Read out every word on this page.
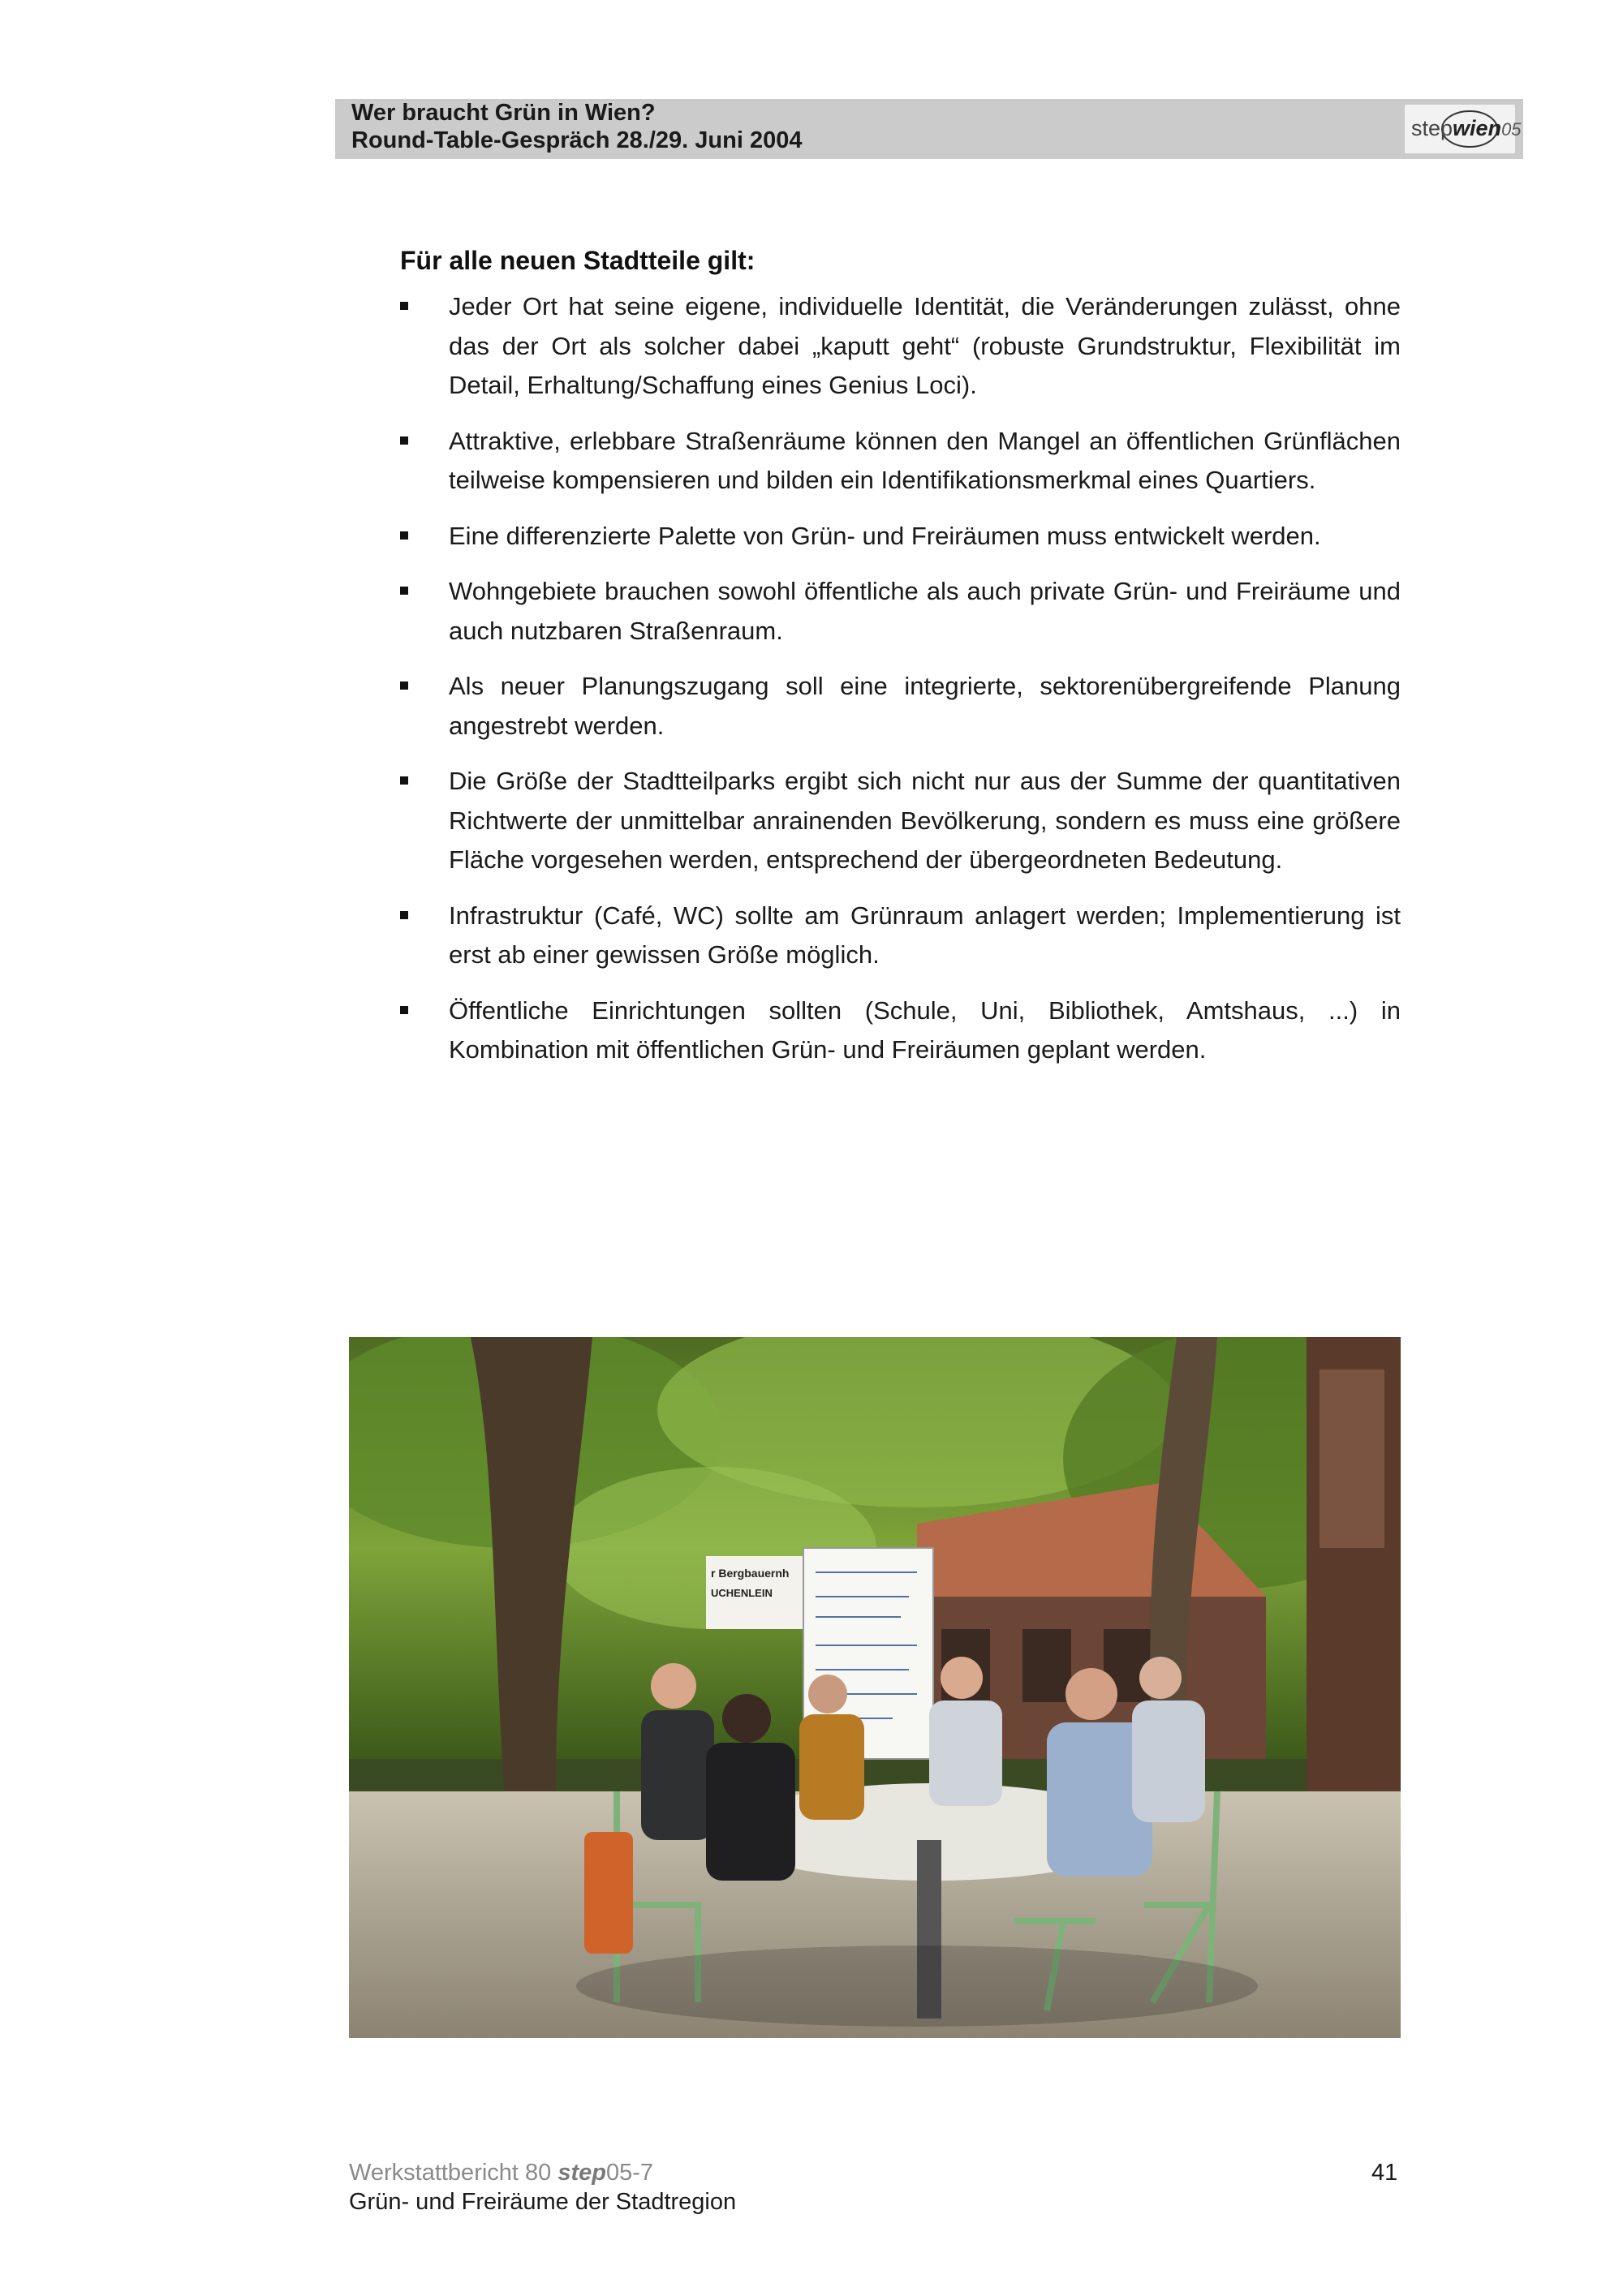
Wer braucht Grün in Wien?
Round-Table-Gespräch 28./29. Juni 2004	stepwien05
Für alle neuen Stadtteile gilt:
Jeder Ort hat seine eigene, individuelle Identität, die Veränderungen zulässt, ohne das der Ort als solcher dabei „kaputt geht“ (robuste Grundstruktur, Flexibilität im Detail, Erhaltung/Schaffung eines Genius Loci).
Attraktive, erlebbare Straßenräume können den Mangel an öffentlichen Grünflächen teilweise kompensieren und bilden ein Identifikationsmerkmal eines Quartiers.
Eine differenzierte Palette von Grün- und Freiräumen muss entwickelt werden.
Wohngebiete brauchen sowohl öffentliche als auch private Grün- und Freiräume und auch nutzbaren Straßenraum.
Als neuer Planungszugang soll eine integrierte, sektorenübergreifende Planung angestrebt werden.
Die Größe der Stadtteilparks ergibt sich nicht nur aus der Summe der quantitativen Richtwerte der unmittelbar anrainenden Bevölkerung, sondern es muss eine größere Fläche vorgesehen werden, entsprechend der übergeordneten Bedeutung.
Infrastruktur (Café, WC) sollte am Grünraum anlagert werden; Implementierung ist erst ab einer gewissen Größe möglich.
Öffentliche Einrichtungen sollten (Schule, Uni, Bibliothek, Amtshaus, ...) in Kombination mit öffentlichen Grün- und Freiräumen geplant werden.
r Bergbauernh
UCHENLEIN
Werkstattbericht 80 step05-7
Grün- und Freiräume der Stadtregion
41
